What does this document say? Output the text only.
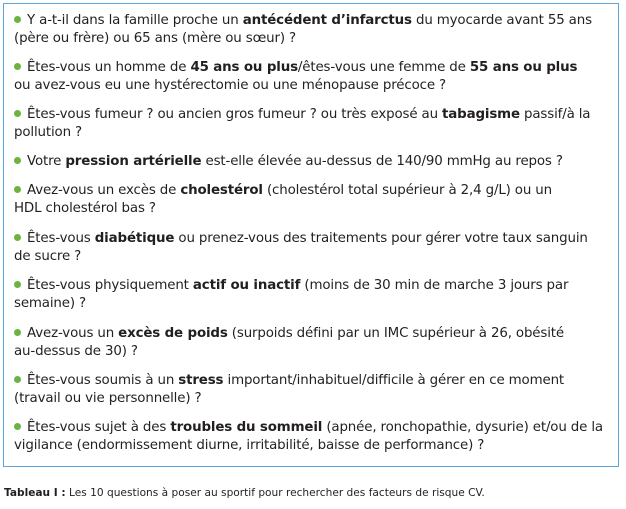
Y a-t-il dans la famille proche un antécédent d’infarctus du myocarde avant 55 ans
(père ou frère) ou 65 ans (mère ou sœur) ?
Êtes-vous un homme de 45 ans ou plus/êtes-vous une femme de 55 ans ou plus
ou avez-vous eu une hystérectomie ou une ménopause précoce ?
Êtes-vous fumeur ? ou ancien gros fumeur ? ou très exposé au tabagisme passif/à la
pollution ?
Votre pression artérielle est-elle élevée au-dessus de 140/90 mmHg au repos ?
Avez-vous un excès de cholestérol (cholestérol total supérieur à 2,4 g/L) ou un
HDL cholestérol bas ?
Êtes-vous diabétique ou prenez-vous des traitements pour gérer votre taux sanguin
de sucre ?
Êtes-vous physiquement actif ou inactif (moins de 30 min de marche 3 jours par
semaine) ?
Avez-vous un excès de poids (surpoids défini par un IMC supérieur à 26, obésité
au-dessus de 30) ?
Êtes-vous soumis à un stress important/inhabituel/difficile à gérer en ce moment
(travail ou vie personnelle) ?
Êtes-vous sujet à des troubles du sommeil (apnée, ronchopathie, dysurie) et/ou de la
vigilance (endormissement diurne, irritabilité, baisse de performance) ?
Tableau I : Les 10 questions à poser au sportif pour rechercher des facteurs de risque CV.
